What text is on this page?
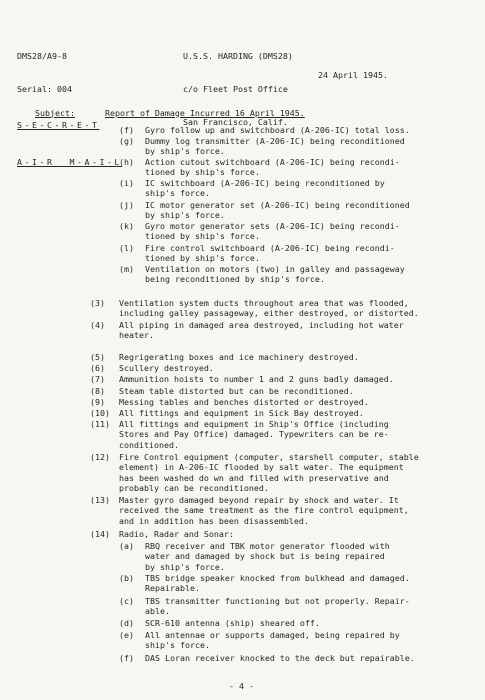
DMS28/A9-8

Serial: 004

S-E-C-R-E-T

A-I-R  M-A-I-L

U.S.S. HARDING (DMS28)

c/o Fleet Post Office

San Francisco, Calif.

24 April 1945.

Subject:	Report of Damage Incurred 16 April 1945.

(f) Gyro follow up and switchboard (A-206-IC) total loss.
(g) Dummy log transmitter (A-206-IC) being reconditioned
by ship's force.
(h) Action cutout switchboard (A-206-IC) being recondi-
tioned by ship's force.
(i) IC switchboard (A-206-IC) being reconditioned by
ship's force.
(j) IC motor generator set (A-206-IC) being reconditioned
by ship's force.
(k) Gyro motor generator sets (A-206-IC) being recondi-
tioned by ship's force.
(l) Fire control switchboard (A-206-IC) being recondi-
tioned by ship's force.
(m) Ventilation on motors (two) in galley and passageway
being reconditioned by ship's force.
(3) Ventilation system ducts throughout area that was flooded,
including galley passageway, either destroyed, or distorted.
(4) All piping in damaged area destroyed, including hot water
heater.
(5) Regrigerating boxes and ice machinery destroyed.
(6) Scullery destroyed.
(7) Ammunition hoists to number 1 and 2 guns badly damaged.
(8) Steam table distorted but can be reconditioned.
(9) Messing tables and benches distorted or destroyed.
(10) All fittings and equipment in Sick Bay destroyed.
(11) All fittings and equipment in Ship's Office (including
Stores and Pay Office) damaged. Typewriters can be re-
conditioned.
(12) Fire Control equipment (computer, starshell computer, stable
element) in A-206-IC flooded by salt water. The equipment
has been washed do wn and filled with preservative and
probably can be reconditioned.
(13) Master gyro damaged beyond repair by shock and water. It
received the same treatment as the fire control equipment,
and in addition has been disassembled.
(14) Radio, Radar and Sonar:
(a) RBQ receiver and TBK motor generator flooded with
water and damaged by shock but is being repaired
by ship's force.
(b) TBS bridge speaker knocked from bulkhead and damaged.
Repairable.
(c) TBS transmitter functioning but not properly. Repair-
able.
(d) SCR-610 antenna (ship) sheared off.
(e) All antennae or supports damaged, being repaired by
ship's force.
(f) DAS Loran receiver knocked to the deck but repairable.
- 4 -
